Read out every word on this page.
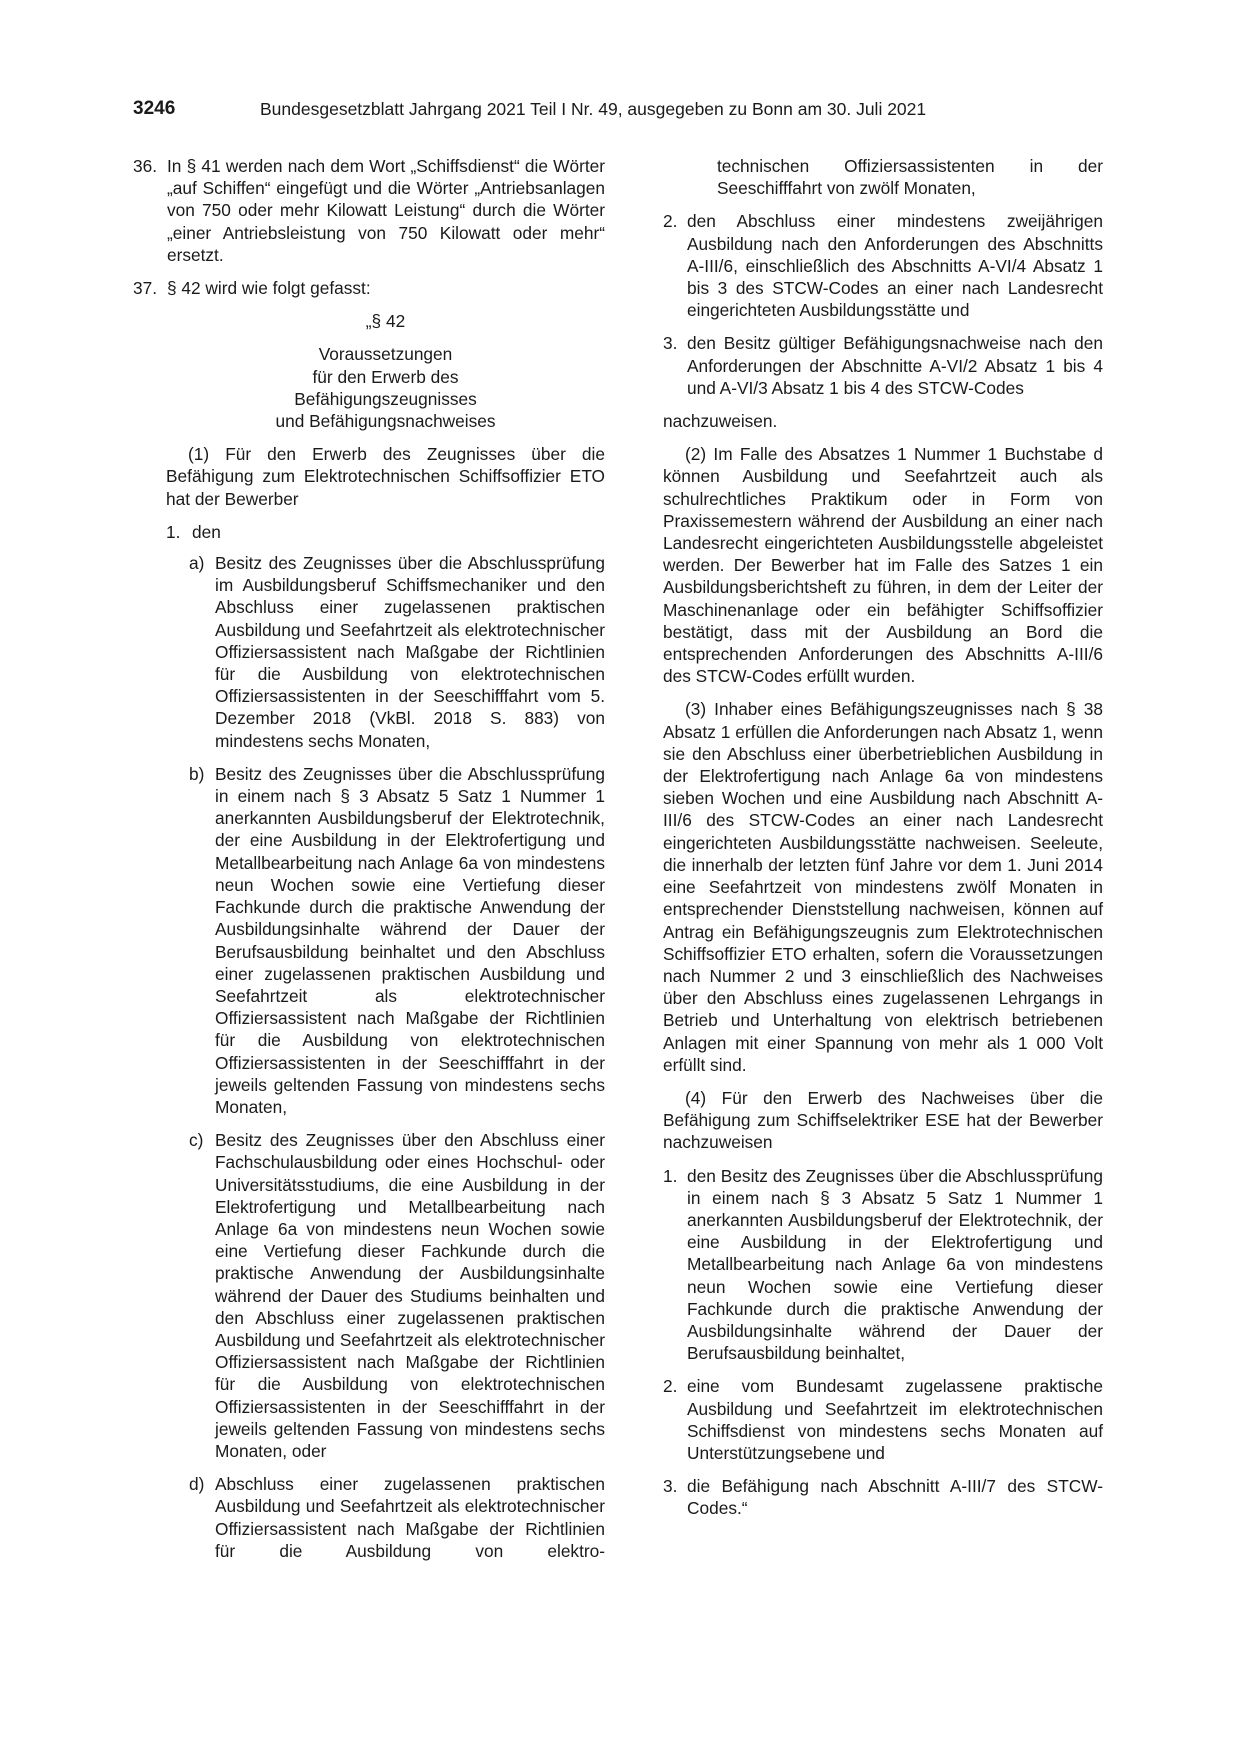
3246	Bundesgesetzblatt Jahrgang 2021 Teil I Nr. 49, ausgegeben zu Bonn am 30. Juli 2021
36. In § 41 werden nach dem Wort „Schiffsdienst“ die Wörter „auf Schiffen“ eingefügt und die Wörter „Antriebsanlagen von 750 oder mehr Kilowatt Leistung“ durch die Wörter „einer Antriebsleistung von 750 Kilowatt oder mehr“ ersetzt.

37. § 42 wird wie folgt gefasst:

„§ 42

Voraussetzungen

für den Erwerb des

Befähigungszeugnisses

und Befähigungsnachweises

(1) Für den Erwerb des Zeugnisses über die Befähigung zum Elektrotechnischen Schiffsoffizier ETO hat der Bewerber

1. den

a) Besitz des Zeugnisses über die Abschlussprüfung im Ausbildungsberuf Schiffsmechaniker und den Abschluss einer zugelassenen praktischen Ausbildung und Seefahrtzeit als elektrotechnischer Offiziersassistent nach Maßgabe der Richtlinien für die Ausbildung von elektrotechnischen Offiziersassistenten in der Seeschifffahrt vom 5. Dezember 2018 (VkBl. 2018 S. 883) von mindestens sechs Monaten,

b) Besitz des Zeugnisses über die Abschlussprüfung in einem nach § 3 Absatz 5 Satz 1 Nummer 1 anerkannten Ausbildungsberuf der Elektrotechnik, der eine Ausbildung in der Elektrofertigung und Metallbearbeitung nach Anlage 6a von mindestens neun Wochen sowie eine Vertiefung dieser Fachkunde durch die praktische Anwendung der Ausbildungsinhalte während der Dauer der Berufsausbildung beinhaltet und den Abschluss einer zugelassenen praktischen Ausbildung und Seefahrtzeit als elektrotechnischer Offiziersassistent nach Maßgabe der Richtlinien für die Ausbildung von elektrotechnischen Offiziersassistenten in der Seeschifffahrt in der jeweils geltenden Fassung von mindestens sechs Monaten,

c) Besitz des Zeugnisses über den Abschluss einer Fachschulausbildung oder eines Hochschul- oder Universitätsstudiums, die eine Ausbildung in der Elektrofertigung und Metallbearbeitung nach Anlage 6a von mindestens neun Wochen sowie eine Vertiefung dieser Fachkunde durch die praktische Anwendung der Ausbildungsinhalte während der Dauer des Studiums beinhalten und den Abschluss einer zugelassenen praktischen Ausbildung und Seefahrtzeit als elektrotechnischer Offiziersassistent nach Maßgabe der Richtlinien für die Ausbildung von elektrotechnischen Offiziersassistenten in der Seeschifffahrt in der jeweils geltenden Fassung von mindestens sechs Monaten, oder

d) Abschluss einer zugelassenen praktischen Ausbildung und Seefahrtzeit als elektrotechnischer Offiziersassistent nach Maßgabe der Richtlinien für die Ausbildung von elektro-

technischen Offiziersassistenten in der Seeschifffahrt von zwölf Monaten,

2. den Abschluss einer mindestens zweijährigen Ausbildung nach den Anforderungen des Abschnitts A-III/6, einschließlich des Abschnitts A-VI/4 Absatz 1 bis 3 des STCW-Codes an einer nach Landesrecht eingerichteten Ausbildungsstätte und

3. den Besitz gültiger Befähigungsnachweise nach den Anforderungen der Abschnitte A-VI/2 Absatz 1 bis 4 und A-VI/3 Absatz 1 bis 4 des STCW-Codes

nachzuweisen.

(2) Im Falle des Absatzes 1 Nummer 1 Buchstabe d können Ausbildung und Seefahrtzeit auch als schulrechtliches Praktikum oder in Form von Praxissemestern während der Ausbildung an einer nach Landesrecht eingerichteten Ausbildungsstelle abgeleistet werden. Der Bewerber hat im Falle des Satzes 1 ein Ausbildungsberichtsheft zu führen, in dem der Leiter der Maschinenanlage oder ein befähigter Schiffsoffizier bestätigt, dass mit der Ausbildung an Bord die entsprechenden Anforderungen des Abschnitts A-III/6 des STCW-Codes erfüllt wurden.

(3) Inhaber eines Befähigungszeugnisses nach § 38 Absatz 1 erfüllen die Anforderungen nach Absatz 1, wenn sie den Abschluss einer überbetrieblichen Ausbildung in der Elektrofertigung nach Anlage 6a von mindestens sieben Wochen und eine Ausbildung nach Abschnitt A-III/6 des STCW-Codes an einer nach Landesrecht eingerichteten Ausbildungsstätte nachweisen. Seeleute, die innerhalb der letzten fünf Jahre vor dem 1. Juni 2014 eine Seefahrtzeit von mindestens zwölf Monaten in entsprechender Dienststellung nachweisen, können auf Antrag ein Befähigungszeugnis zum Elektrotechnischen Schiffsoffizier ETO erhalten, sofern die Voraussetzungen nach Nummer 2 und 3 einschließlich des Nachweises über den Abschluss eines zugelassenen Lehrgangs in Betrieb und Unterhaltung von elektrisch betriebenen Anlagen mit einer Spannung von mehr als 1 000 Volt erfüllt sind.

(4) Für den Erwerb des Nachweises über die Befähigung zum Schiffselektriker ESE hat der Bewerber nachzuweisen

1. den Besitz des Zeugnisses über die Abschlussprüfung in einem nach § 3 Absatz 5 Satz 1 Nummer 1 anerkannten Ausbildungsberuf der Elektrotechnik, der eine Ausbildung in der Elektrofertigung und Metallbearbeitung nach Anlage 6a von mindestens neun Wochen sowie eine Vertiefung dieser Fachkunde durch die praktische Anwendung der Ausbildungsinhalte während der Dauer der Berufsausbildung beinhaltet,

2. eine vom Bundesamt zugelassene praktische Ausbildung und Seefahrtzeit im elektrotechnischen Schiffsdienst von mindestens sechs Monaten auf Unterstützungsebene und

3. die Befähigung nach Abschnitt A-III/7 des STCW-Codes.“
